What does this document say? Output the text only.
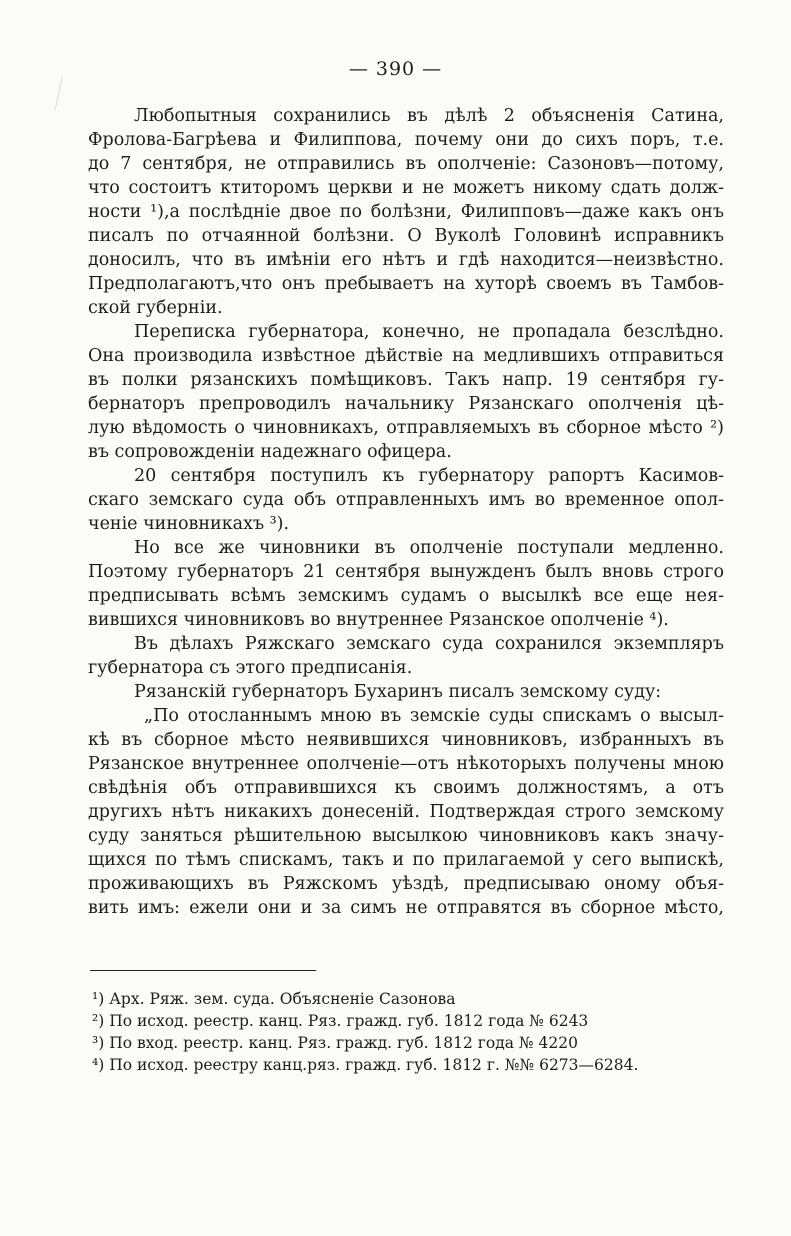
— 390 —
Любопытныя сохранились въ дѣлѣ 2 объясненія Сатина,
Фролова-Багрѣева и Филиппова, почему они до сихъ поръ, т.е.
до 7 сентября, не отправились въ ополченіе: Сазоновъ—потому,
что состоитъ ктиторомъ церкви и не можетъ никому сдать долж-
ности ¹),а послѣдніе двое по болѣзни, Филипповъ—даже какъ онъ
писалъ по отчаянной болѣзни. О Вуколѣ Головинѣ исправникъ
доносилъ, что въ имѣніи его нѣтъ и гдѣ находится—неизвѣстно.
Предполагаютъ,что онъ пребываетъ на хуторѣ своемъ въ Тамбов-
ской губерніи.
Переписка губернатора, конечно, не пропадала безслѣдно.
Она производила извѣстное дѣйствіе на медлившихъ отправиться
въ полки рязанскихъ помѣщиковъ. Такъ напр. 19 сентября гу-
бернаторъ препроводилъ начальнику Рязанскаго ополченія цѣ-
лую вѣдомость о чиновникахъ, отправляемыхъ въ сборное мѣсто ²)
въ сопровожденіи надежнаго офицера.
20 сентября поступилъ къ губернатору рапортъ Касимов-
скаго земскаго суда объ отправленныхъ имъ во временное опол-
ченіе чиновникахъ ³).
Но все же чиновники въ ополченіе поступали медленно.
Поэтому губернаторъ 21 сентября вынужденъ былъ вновь строго
предписывать всѣмъ земскимъ судамъ о высылкѣ все еще нея-
вившихся чиновниковъ во внутреннее Рязанское ополченіе ⁴).
Въ дѣлахъ Ряжскаго земскаго суда сохранился экземпляръ
губернатора съ этого предписанія.
Рязанскій губернаторъ Бухаринъ писалъ земскому суду:
„По отосланнымъ мною въ земскіе суды спискамъ о высыл-
кѣ въ сборное мѣсто неявившихся чиновниковъ, избранныхъ въ
Рязанское внутреннее ополченіе—отъ нѣкоторыхъ получены мною
свѣдѣнія объ отправившихся къ своимъ должностямъ, а отъ
другихъ нѣтъ никакихъ донесеній. Подтверждая строго земскому
суду заняться рѣшительною высылкою чиновниковъ какъ значу-
щихся по тѣмъ спискамъ, такъ и по прилагаемой у сего выпискѣ,
проживающихъ въ Ряжскомъ уѣздѣ, предписываю оному объя-
вить имъ: ежели они и за симъ не отправятся въ сборное мѣсто,
¹) Арх. Ряж. зем. суда. Объясненіе Сазонова
²) По исход. реестр. канц. Ряз. гражд. губ. 1812 года № 6243
³) По вход. реестр. канц. Ряз. гражд. губ. 1812 года № 4220
⁴) По исход. реестру канц.ряз. гражд. губ. 1812 г. №№ 6273—6284.
